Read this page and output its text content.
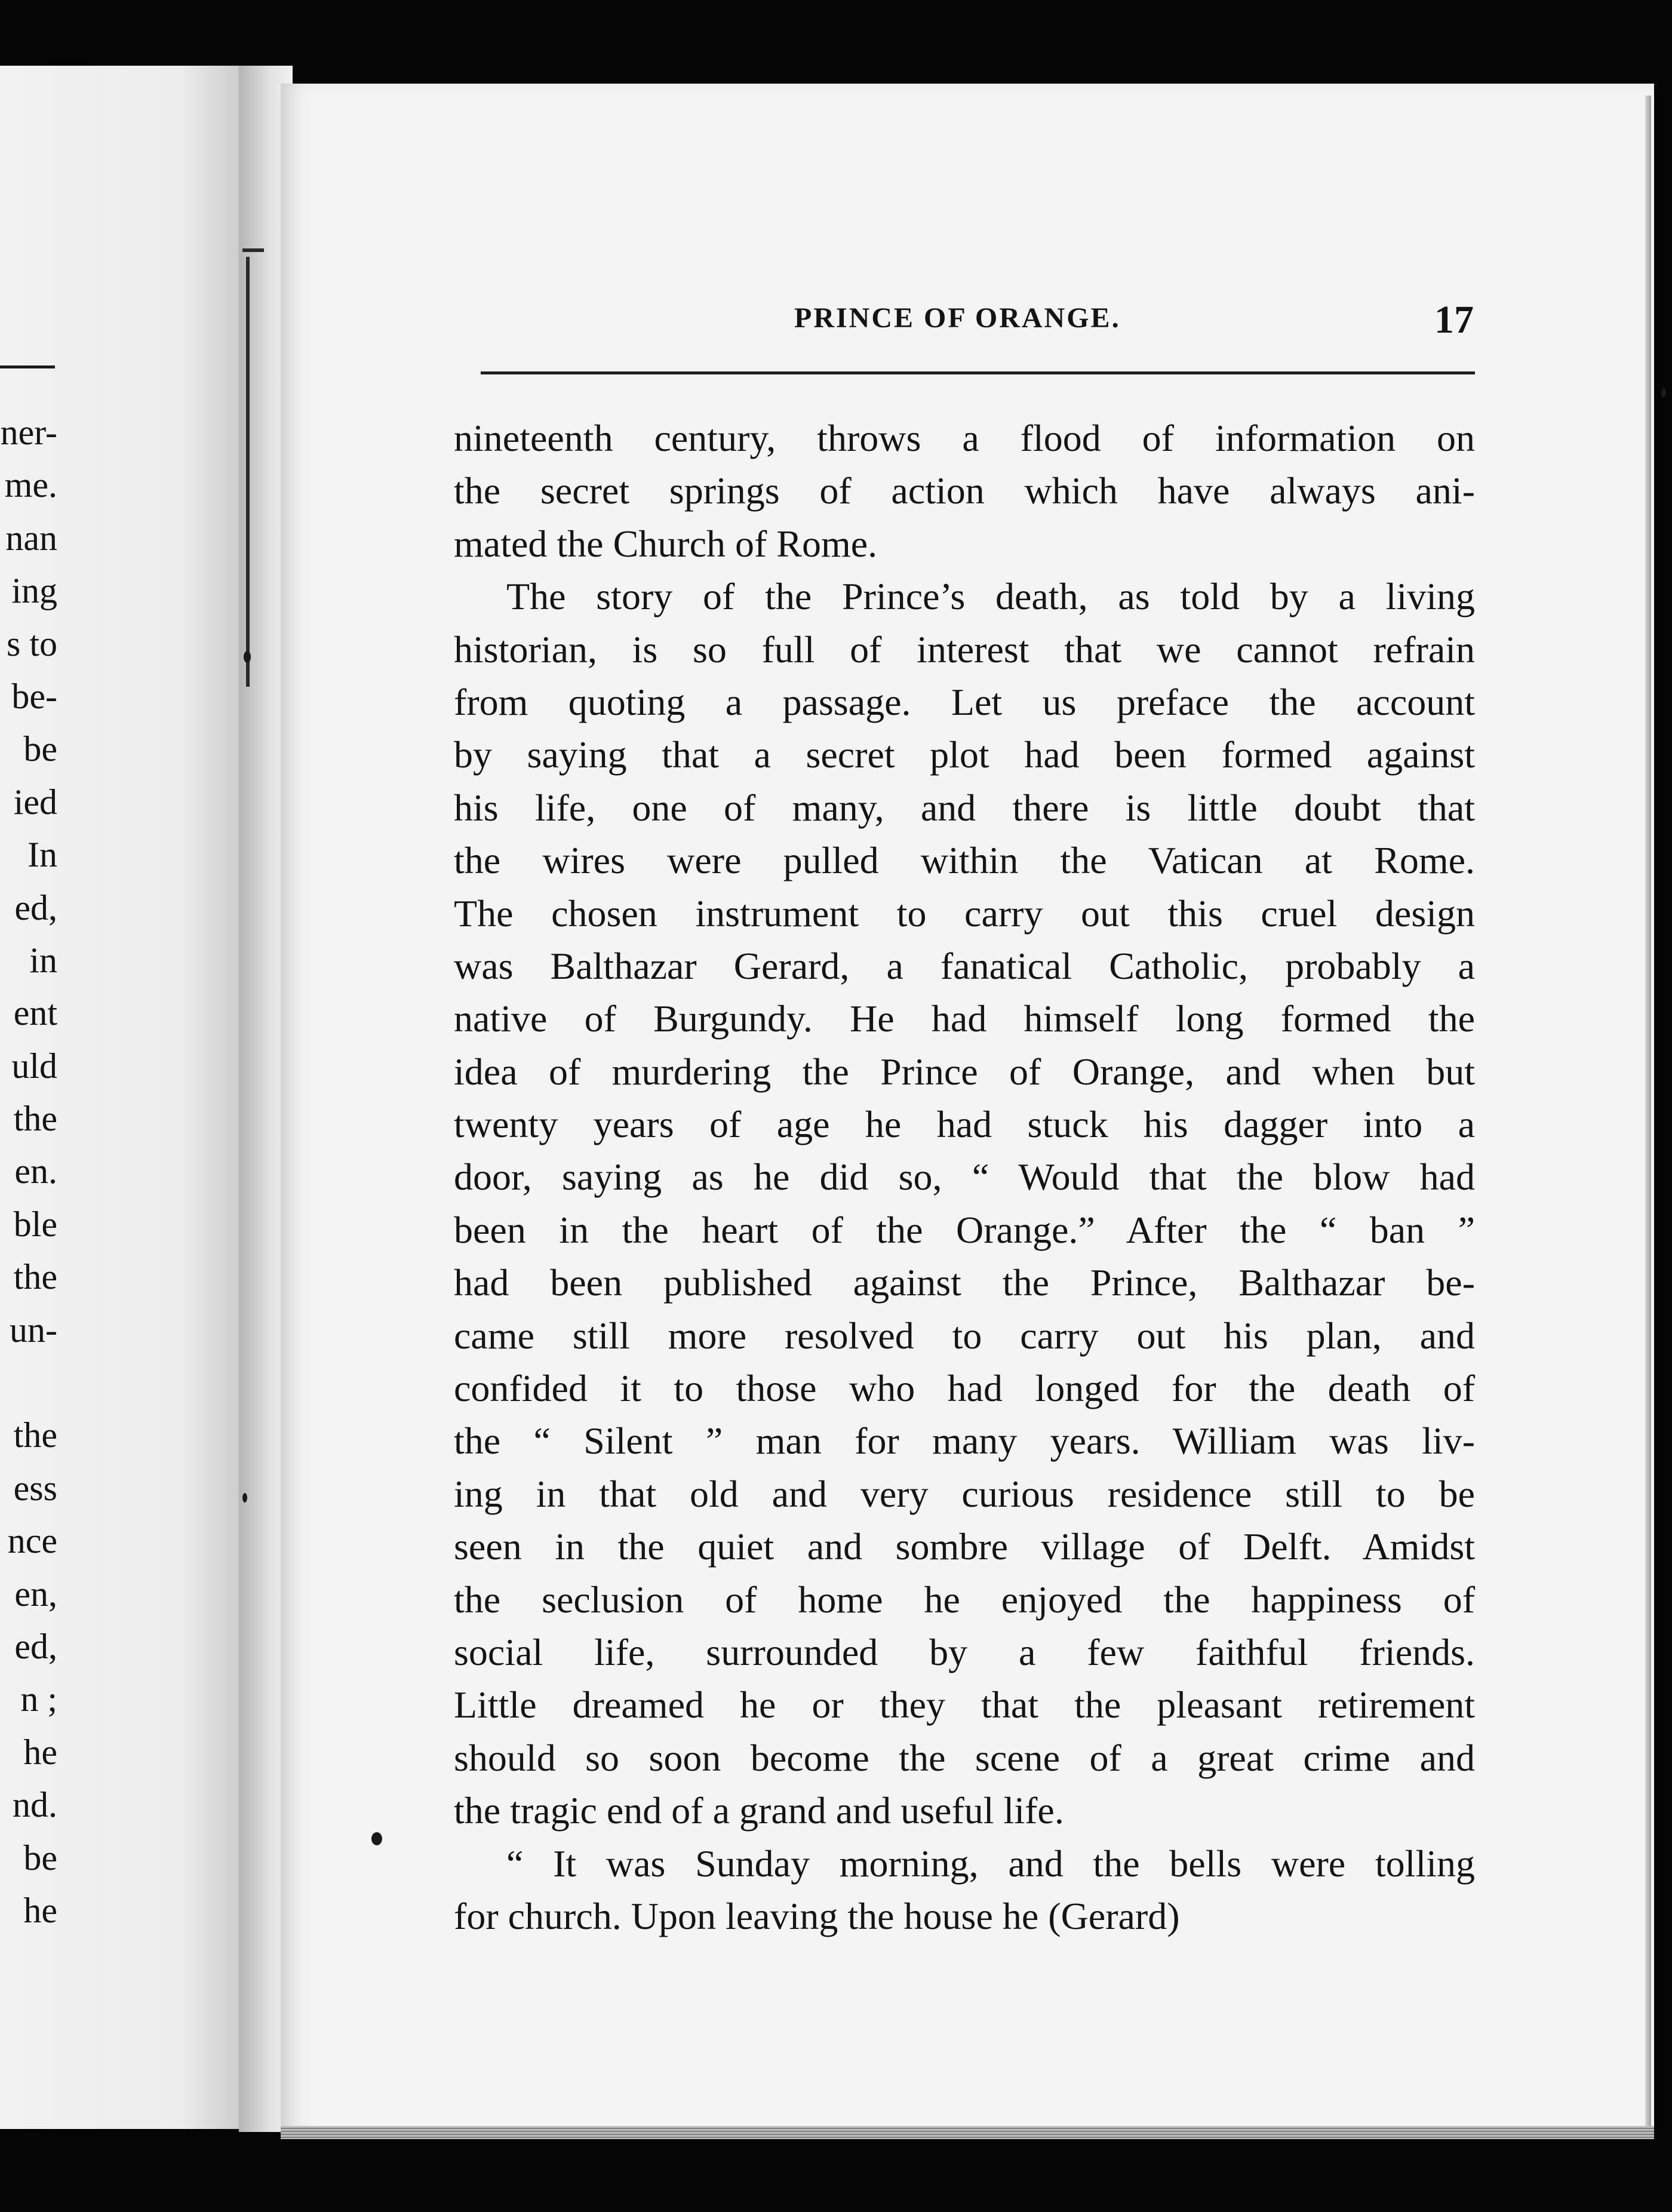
ner-
me.
nan
ing
s to
be-
be
ied
In
ed,
in
ent
uld
the
en.
ble
the
un-
the
ess
nce
en,
ed,
n ;
he
nd.
be
he
PRINCE OF ORANGE.	17
nineteenth century, throws a flood of information on
the secret springs of action which have always ani-
mated the Church of Rome.
The story of the Prince’s death, as told by a living
historian, is so full of interest that we cannot refrain
from quoting a passage. Let us preface the account
by saying that a secret plot had been formed against
his life, one of many, and there is little doubt that
the wires were pulled within the Vatican at Rome.
The chosen instrument to carry out this cruel design
was Balthazar Gerard, a fanatical Catholic, probably a
native of Burgundy. He had himself long formed the
idea of murdering the Prince of Orange, and when but
twenty years of age he had stuck his dagger into a
door, saying as he did so, “ Would that the blow had
been in the heart of the Orange.” After the “ ban ”
had been published against the Prince, Balthazar be-
came still more resolved to carry out his plan, and
confided it to those who had longed for the death of
the “ Silent ” man for many years. William was liv-
ing in that old and very curious residence still to be
seen in the quiet and sombre village of Delft. Amidst
the seclusion of home he enjoyed the happiness of
social life, surrounded by a few faithful friends.
Little dreamed he or they that the pleasant retirement
should so soon become the scene of a great crime and
the tragic end of a grand and useful life.
“ It was Sunday morning, and the bells were tolling
for church. Upon leaving the house he (Gerard)
